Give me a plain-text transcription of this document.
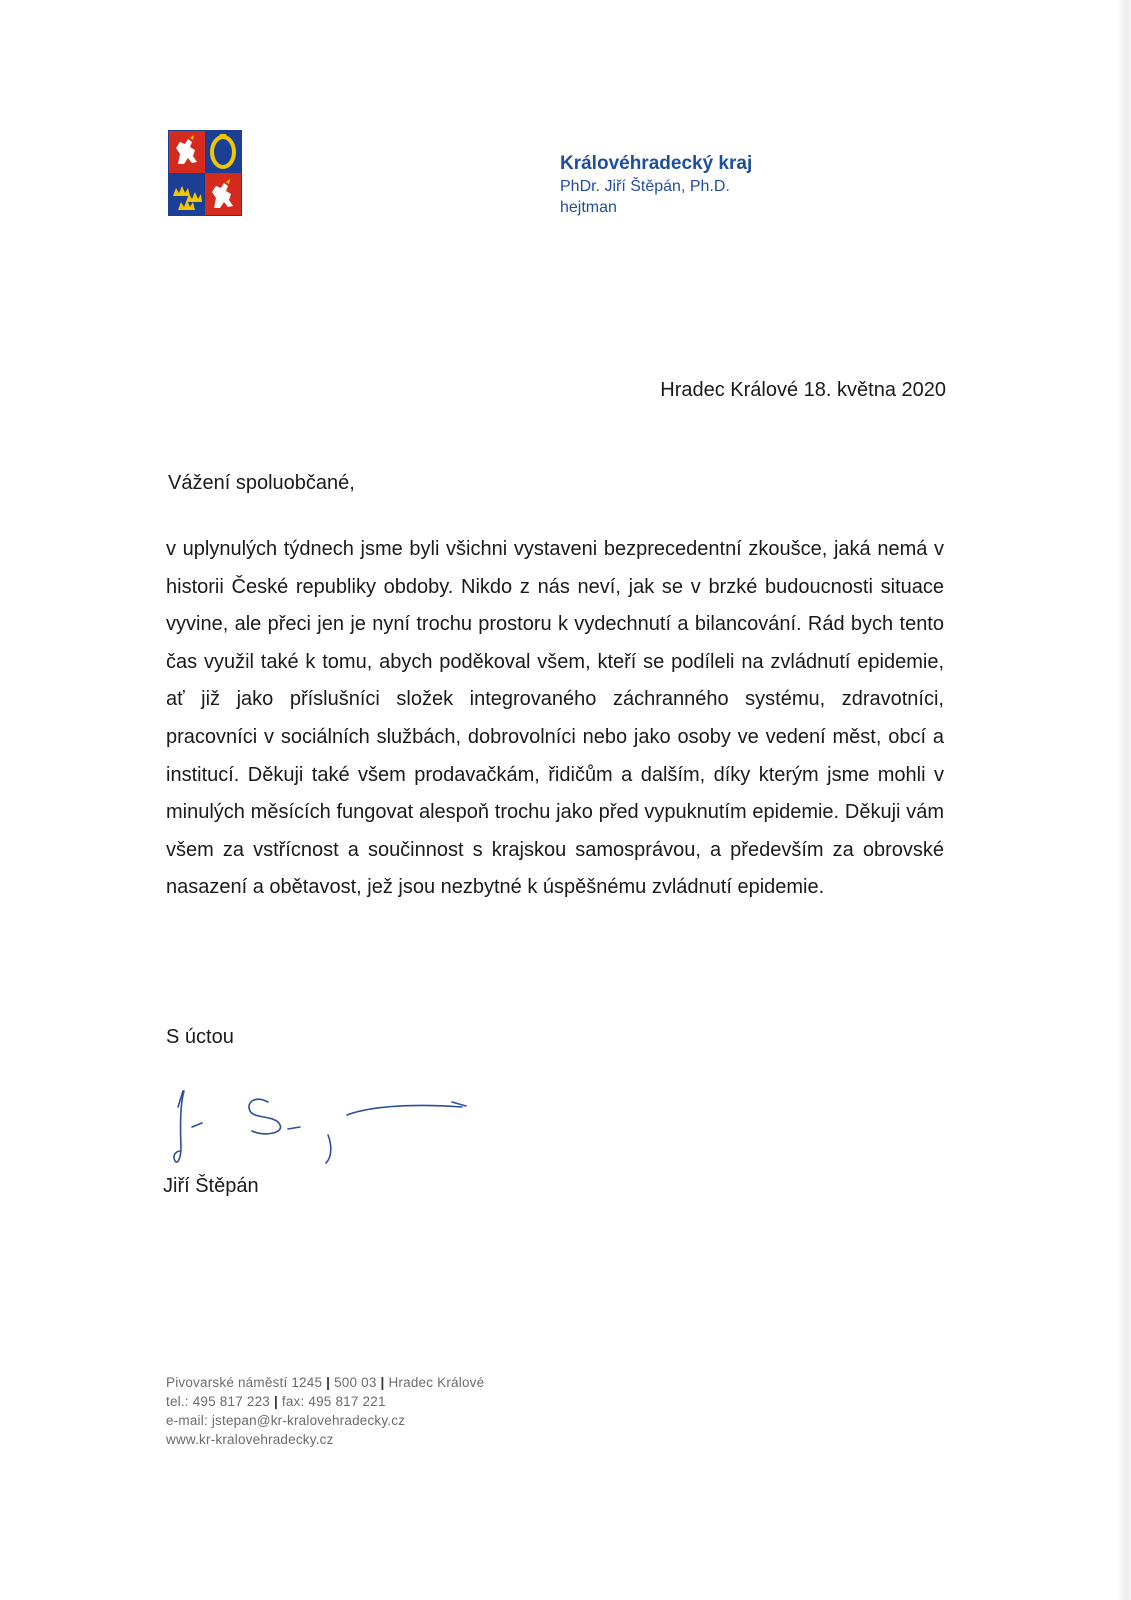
Královéhradecký kraj
PhDr. Jiří Štěpán, Ph.D.
hejtman
Hradec Králové 18. května 2020
Vážení spoluobčané,

v uplynulých týdnech jsme byli všichni vystaveni bezprecedentní zkoušce, jaká nemá v historii České republiky obdoby. Nikdo z nás neví, jak se v brzké budoucnosti situace vyvine, ale přeci jen je nyní trochu prostoru k vydechnutí a bilancování. Rád bych tento čas využil také k tomu, abych poděkoval všem, kteří se podíleli na zvládnutí epidemie, ať již jako příslušníci složek integrovaného záchranného systému, zdravotníci, pracovníci v sociálních službách, dobrovolníci nebo jako osoby ve vedení měst, obcí a institucí. Děkuji také všem prodavačkám, řidičům a dalším, díky kterým jsme mohli v minulých měsících fungovat alespoň trochu jako před vypuknutím epidemie. Děkuji vám všem za vstřícnost a součinnost s krajskou samosprávou, a především za obrovské nasazení a obětavost, jež jsou nezbytné k úspěšnému zvládnutí epidemie.

S úctou
Jiří Štěpán
Pivovarské náměstí 1245 | 500 03 | Hradec Králové
tel.: 495 817 223 | fax: 495 817 221
e-mail: jstepan@kr-kralovehradecky.cz
www.kr-kralovehradecky.cz
